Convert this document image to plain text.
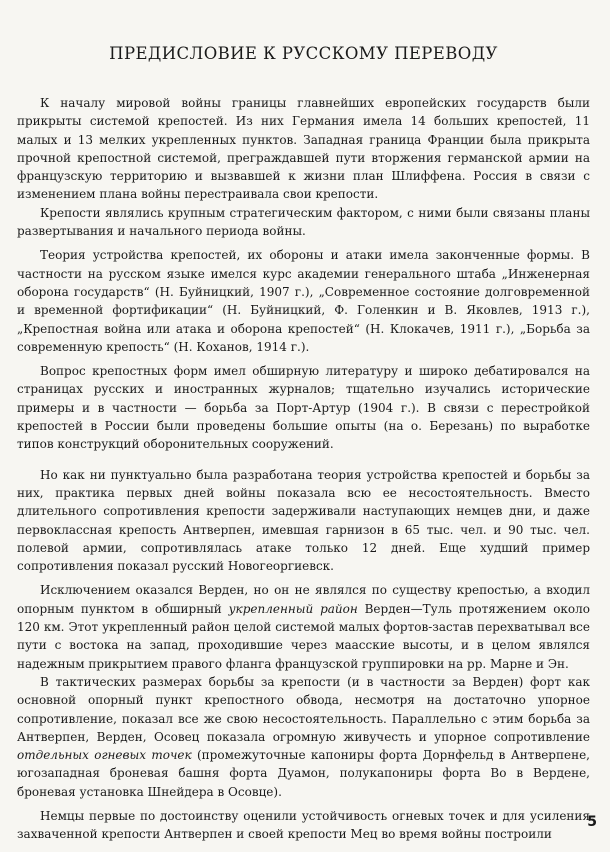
ПРЕДИСЛОВИЕ К РУССКОМУ ПЕРЕВОДУ

К началу мировой войны границы главнейших европейских государств были прикрыты системой крепостей. Из них Германия имела 14 больших крепостей, 11 малых и 13 мелких укрепленных пунктов. Западная граница Франции была прикрыта прочной крепостной системой, преграждавшей пути вторжения германской армии на французскую территорию и вызвавшей к жизни план Шлиффена. Россия в связи с изменением плана войны перестраивала свои крепости.

Крепости являлись крупным стратегическим фактором, с ними были связаны планы развертывания и начального периода войны.

Теория устройства крепостей, их обороны и атаки имела законченные формы. В частности на русском языке имелся курс академии генерального штаба „Инженерная оборона государств“ (Н. Буйницкий, 1907 г.), „Современное состояние долговременной и временной фортификации“ (Н. Буйницкий, Ф. Голенкин и В. Яковлев, 1913 г.), „Крепостная война или атака и оборона крепостей“ (Н. Клокачев, 1911 г.), „Борьба за современную крепость“ (Н. Коханов, 1914 г.).

Вопрос крепостных форм имел обширную литературу и широко дебатировался на страницах русских и иностранных журналов; тщательно изучались исторические примеры и в частности — борьба за Порт-Артур (1904 г.). В связи с перестройкой крепостей в России были проведены большие опыты (на о. Березань) по выработке типов конструкций оборонительных сооружений.

Но как ни пунктуально была разработана теория устройства крепостей и борьбы за них, практика первых дней войны показала всю ее несостоятельность. Вместо длительного сопротивления крепости задерживали наступающих немцев дни, и даже первоклассная крепость Антверпен, имевшая гарнизон в 65 тыс. чел. и 90 тыс. чел. полевой армии, сопротивлялась атаке только 12 дней. Еще худший пример сопротивления показал русский Новогеоргиевск.

Исключением оказался Верден, но он не являлся по существу крепостью, а входил опорным пунктом в обширный укрепленный район Верден—Туль протяжением около 120 км. Этот укрепленный район целой системой малых фортов-застав перехватывал все пути с востока на запад, проходившие через маасские высоты, и в целом являлся надежным прикрытием правого фланга французской группировки на рр. Марне и Эн.

В тактических размерах борьбы за крепости (и в частности за Верден) форт как основной опорный пункт крепостного обвода, несмотря на достаточно упорное сопротивление, показал все же свою несостоятельность. Параллельно с этим борьба за Антверпен, Верден, Осовец показала огромную живучесть и упорное сопротивление отдельных огневых точек (промежуточные капониры форта Дорнфельд в Антверпене, югозападная броневая башня форта Дуамон, полукапониры форта Во в Вердене, броневая установка Шнейдера в Осовце).

Немцы первые по достоинству оценили устойчивость огневых точек и для усиления захваченной крепости Антверпен и своей крепости Мец во время войны построили

5
